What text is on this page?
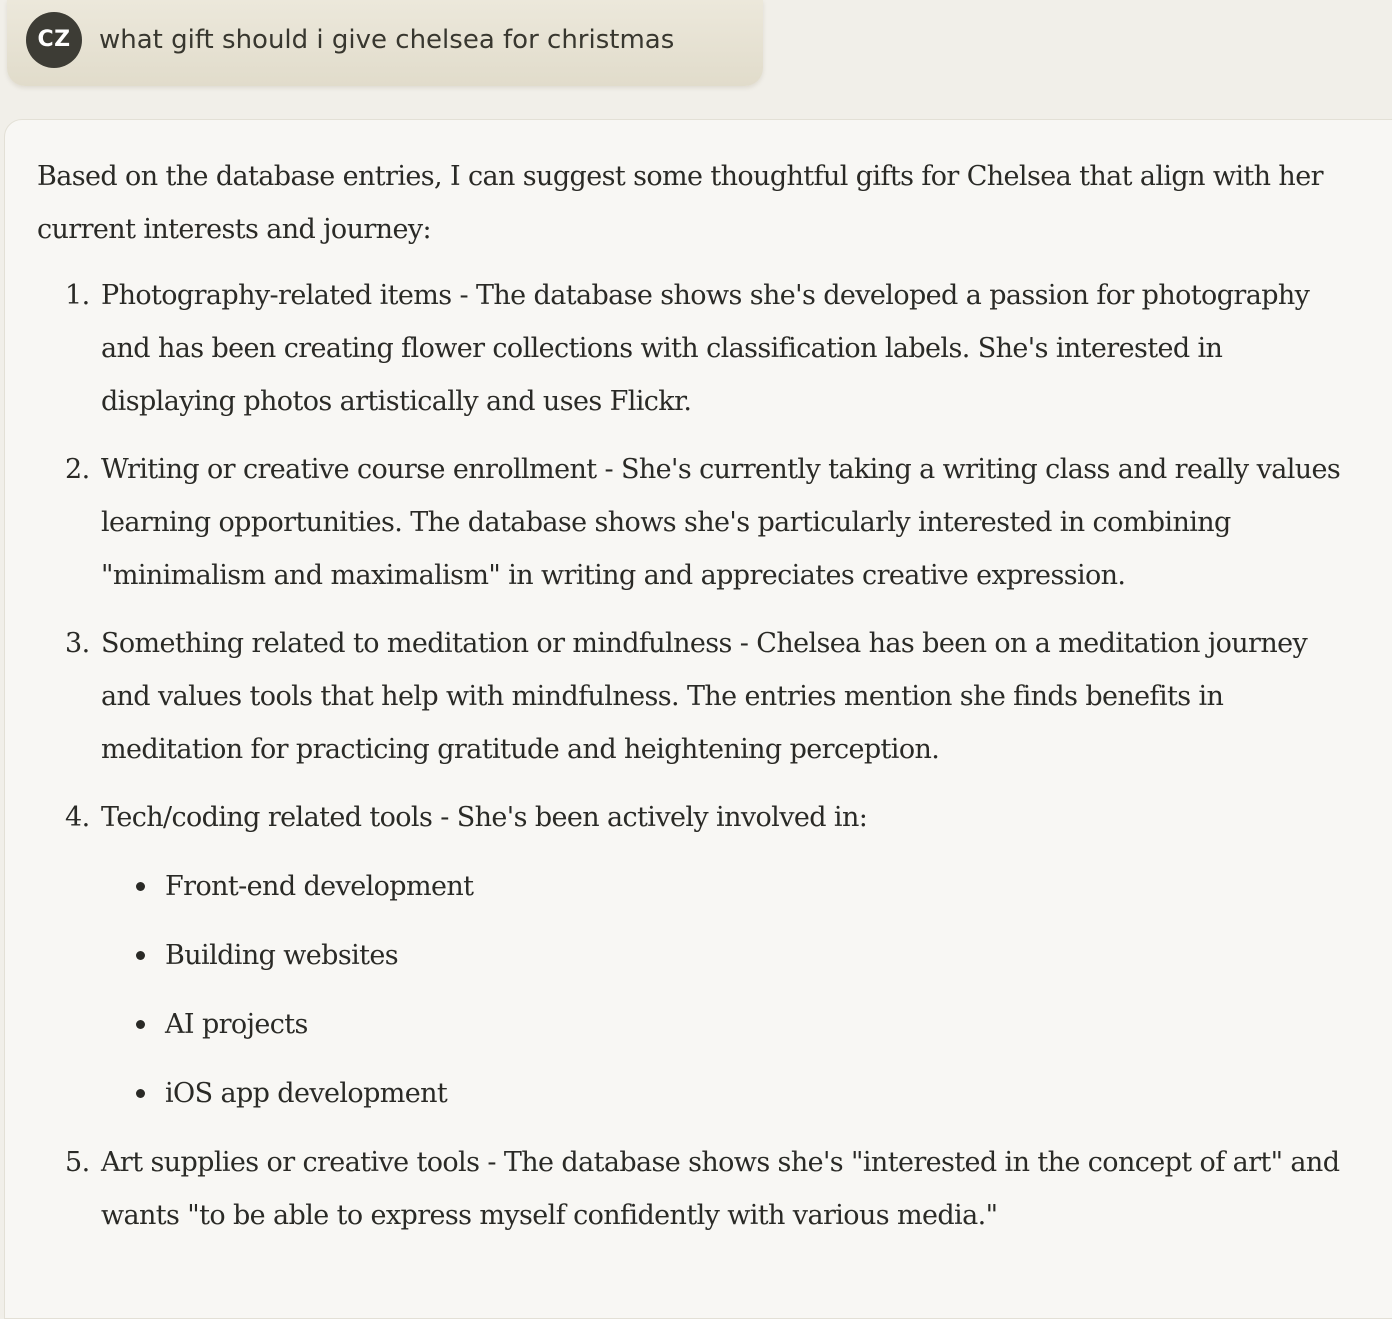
CZ	what gift should i give chelsea for christmas

Based on the database entries, I can suggest some thoughtful gifts for Chelsea that align with her current interests and journey:

1. Photography-related items - The database shows she's developed a passion for photography and has been creating flower collections with classification labels. She's interested in displaying photos artistically and uses Flickr.
2. Writing or creative course enrollment - She's currently taking a writing class and really values learning opportunities. The database shows she's particularly interested in combining "minimalism and maximalism" in writing and appreciates creative expression.
3. Something related to meditation or mindfulness - Chelsea has been on a meditation journey and values tools that help with mindfulness. The entries mention she finds benefits in meditation for practicing gratitude and heightening perception.
4. Tech/coding related tools - She's been actively involved in:
Front-end development
Building websites
AI projects
iOS app development
5. Art supplies or creative tools - The database shows she's "interested in the concept of art" and wants "to be able to express myself confidently with various media."
